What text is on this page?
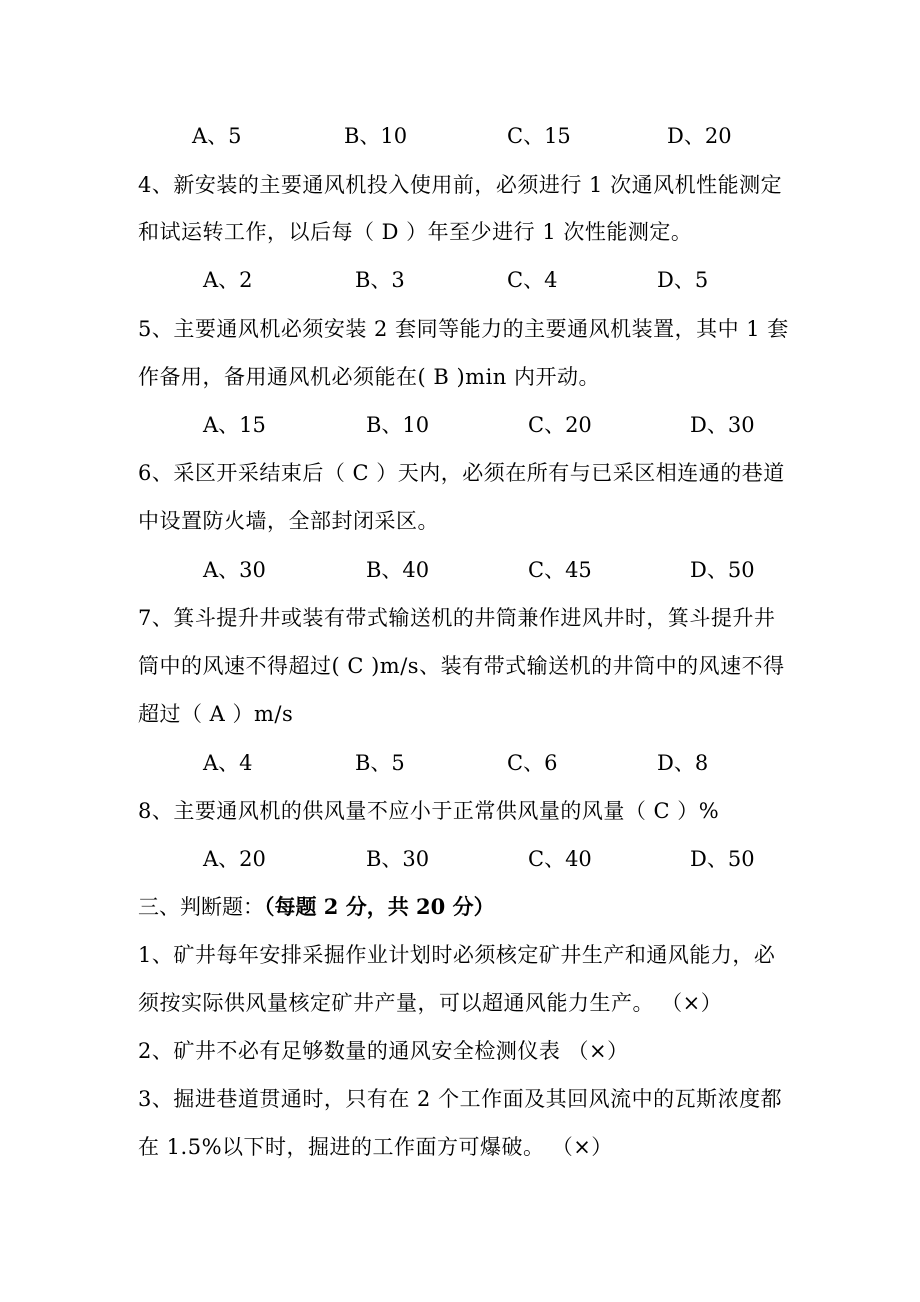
A、5	B、10	C、15	D、20
4、新安装的主要通风机投入使用前，必须进行 1 次通风机性能测定
和试运转工作，以后每（ D ）年至少进行 1 次性能测定。
A、2	B、3	C、4	D、5
5、主要通风机必须安装 2 套同等能力的主要通风机装置，其中 1 套
作备用，备用通风机必须能在( B )min 内开动。
A、15	B、10	C、20	D、30
6、采区开采结束后（ C ）天内，必须在所有与已采区相连通的巷道
中设置防火墙，全部封闭采区。
A、30	B、40	C、45	D、50
7、箕斗提升井或装有带式输送机的井筒兼作进风井时，箕斗提升井
筒中的风速不得超过( C )m/s、装有带式输送机的井筒中的风速不得
超过（ A ）m/s
A、4	B、5	C、6	D、8
8、主要通风机的供风量不应小于正常供风量的风量（ C ）%
A、20	B、30	C、40	D、50
三、判断题：（每题 2 分，共 20 分）
1、矿井每年安排采掘作业计划时必须核定矿井生产和通风能力，必
须按实际供风量核定矿井产量，可以超通风能力生产。 （×）
2、矿井不必有足够数量的通风安全检测仪表 （×）
3、掘进巷道贯通时，只有在 2 个工作面及其回风流中的瓦斯浓度都
在 1.5%以下时，掘进的工作面方可爆破。 （×）
